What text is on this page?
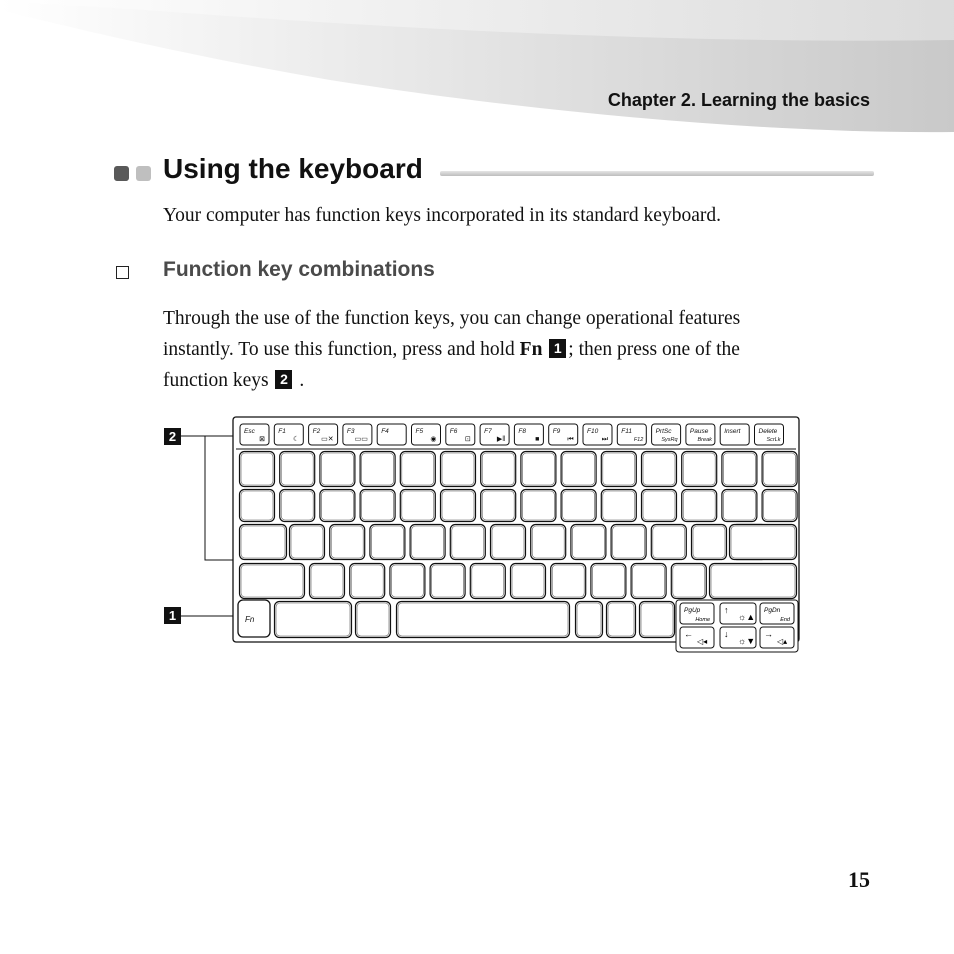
Chapter 2. Learning the basics
Using the keyboard
Your computer has function keys incorporated in its standard keyboard.
Function key combinations
Through the use of the function keys, you can change operational features
instantly. To use this function, press and hold Fn 1 ; then press one of the
function keys 2 .
2
1
Esc
⊠
F1
☾
F2
▭✕
F3
▭▭
F4	F5
◉
F6
⊡
F7
▶‖
F8
■
F9
⏮
F10
⏭
F11
F12
PrtSc
SysRq
Pause
Break
Insert	Delete
ScrLk
Fn
PgUp
Home
↑
☼▲
PgDn
End
←
◁◂
↓
☼▼
→
◁▴
15
